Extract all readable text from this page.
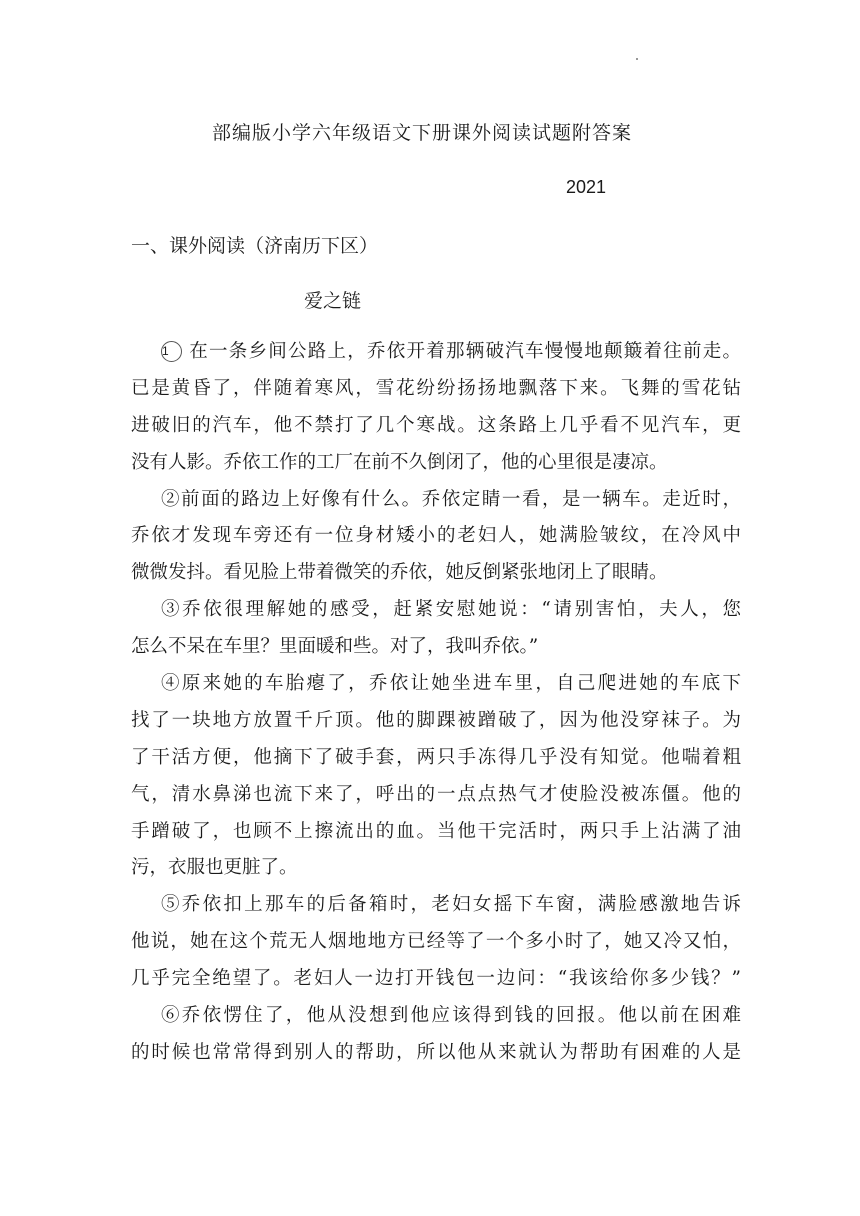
部编版小学六年级语文下册课外阅读试题附答案
2021
一、课外阅读（济南历下区）
爱之链
1 在一条乡间公路上，乔依开着那辆破汽车慢慢地颠簸着往前走。
已是黄昏了，伴随着寒风，雪花纷纷扬扬地飘落下来。飞舞的雪花钻
进破旧的汽车，他不禁打了几个寒战。这条路上几乎看不见汽车，更
没有人影。乔依工作的工厂在前不久倒闭了，他的心里很是凄凉。
②前面的路边上好像有什么。乔依定睛一看，是一辆车。走近时，
乔依才发现车旁还有一位身材矮小的老妇人，她满脸皱纹，在冷风中
微微发抖。看见脸上带着微笑的乔依，她反倒紧张地闭上了眼睛。
③乔依很理解她的感受，赶紧安慰她说：“请别害怕，夫人，您
怎么不呆在车里？里面暖和些。对了，我叫乔依。”
④原来她的车胎瘪了，乔依让她坐进车里，自己爬进她的车底下
找了一块地方放置千斤顶。他的脚踝被蹭破了，因为他没穿袜子。为
了干活方便，他摘下了破手套，两只手冻得几乎没有知觉。他喘着粗
气，清水鼻涕也流下来了，呼出的一点点热气才使脸没被冻僵。他的
手蹭破了，也顾不上擦流出的血。当他干完活时，两只手上沾满了油
污，衣服也更脏了。
⑤乔依扣上那车的后备箱时，老妇女摇下车窗，满脸感激地告诉
他说，她在这个荒无人烟地地方已经等了一个多小时了，她又冷又怕，
几乎完全绝望了。老妇人一边打开钱包一边问：“我该给你多少钱？”
⑥乔依愣住了，他从没想到他应该得到钱的回报。他以前在困难
的时候也常常得到别人的帮助，所以他从来就认为帮助有困难的人是
